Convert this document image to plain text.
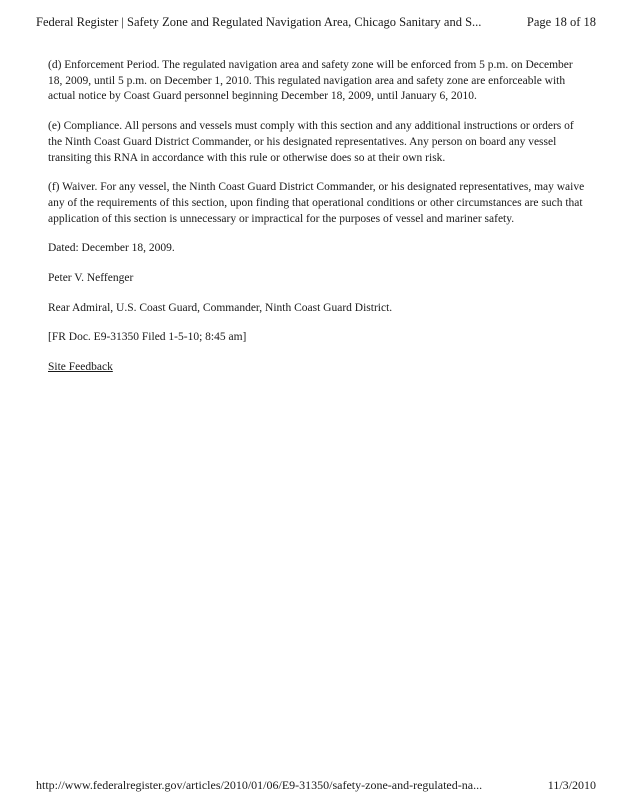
Federal Register | Safety Zone and Regulated Navigation Area, Chicago Sanitary and S...	Page 18 of 18

(d) Enforcement Period. The regulated navigation area and safety zone will be enforced from 5 p.m. on December 18, 2009, until 5 p.m. on December 1, 2010. This regulated navigation area and safety zone are enforceable with actual notice by Coast Guard personnel beginning December 18, 2009, until January 6, 2010.

(e) Compliance. All persons and vessels must comply with this section and any additional instructions or orders of the Ninth Coast Guard District Commander, or his designated representatives. Any person on board any vessel transiting this RNA in accordance with this rule or otherwise does so at their own risk.

(f) Waiver. For any vessel, the Ninth Coast Guard District Commander, or his designated representatives, may waive any of the requirements of this section, upon finding that operational conditions or other circumstances are such that application of this section is unnecessary or impractical for the purposes of vessel and mariner safety.

Dated: December 18, 2009.

Peter V. Neffenger

Rear Admiral, U.S. Coast Guard, Commander, Ninth Coast Guard District.

[FR Doc. E9-31350 Filed 1-5-10; 8:45 am]

Site Feedback

http://www.federalregister.gov/articles/2010/01/06/E9-31350/safety-zone-and-regulated-na...	11/3/2010
